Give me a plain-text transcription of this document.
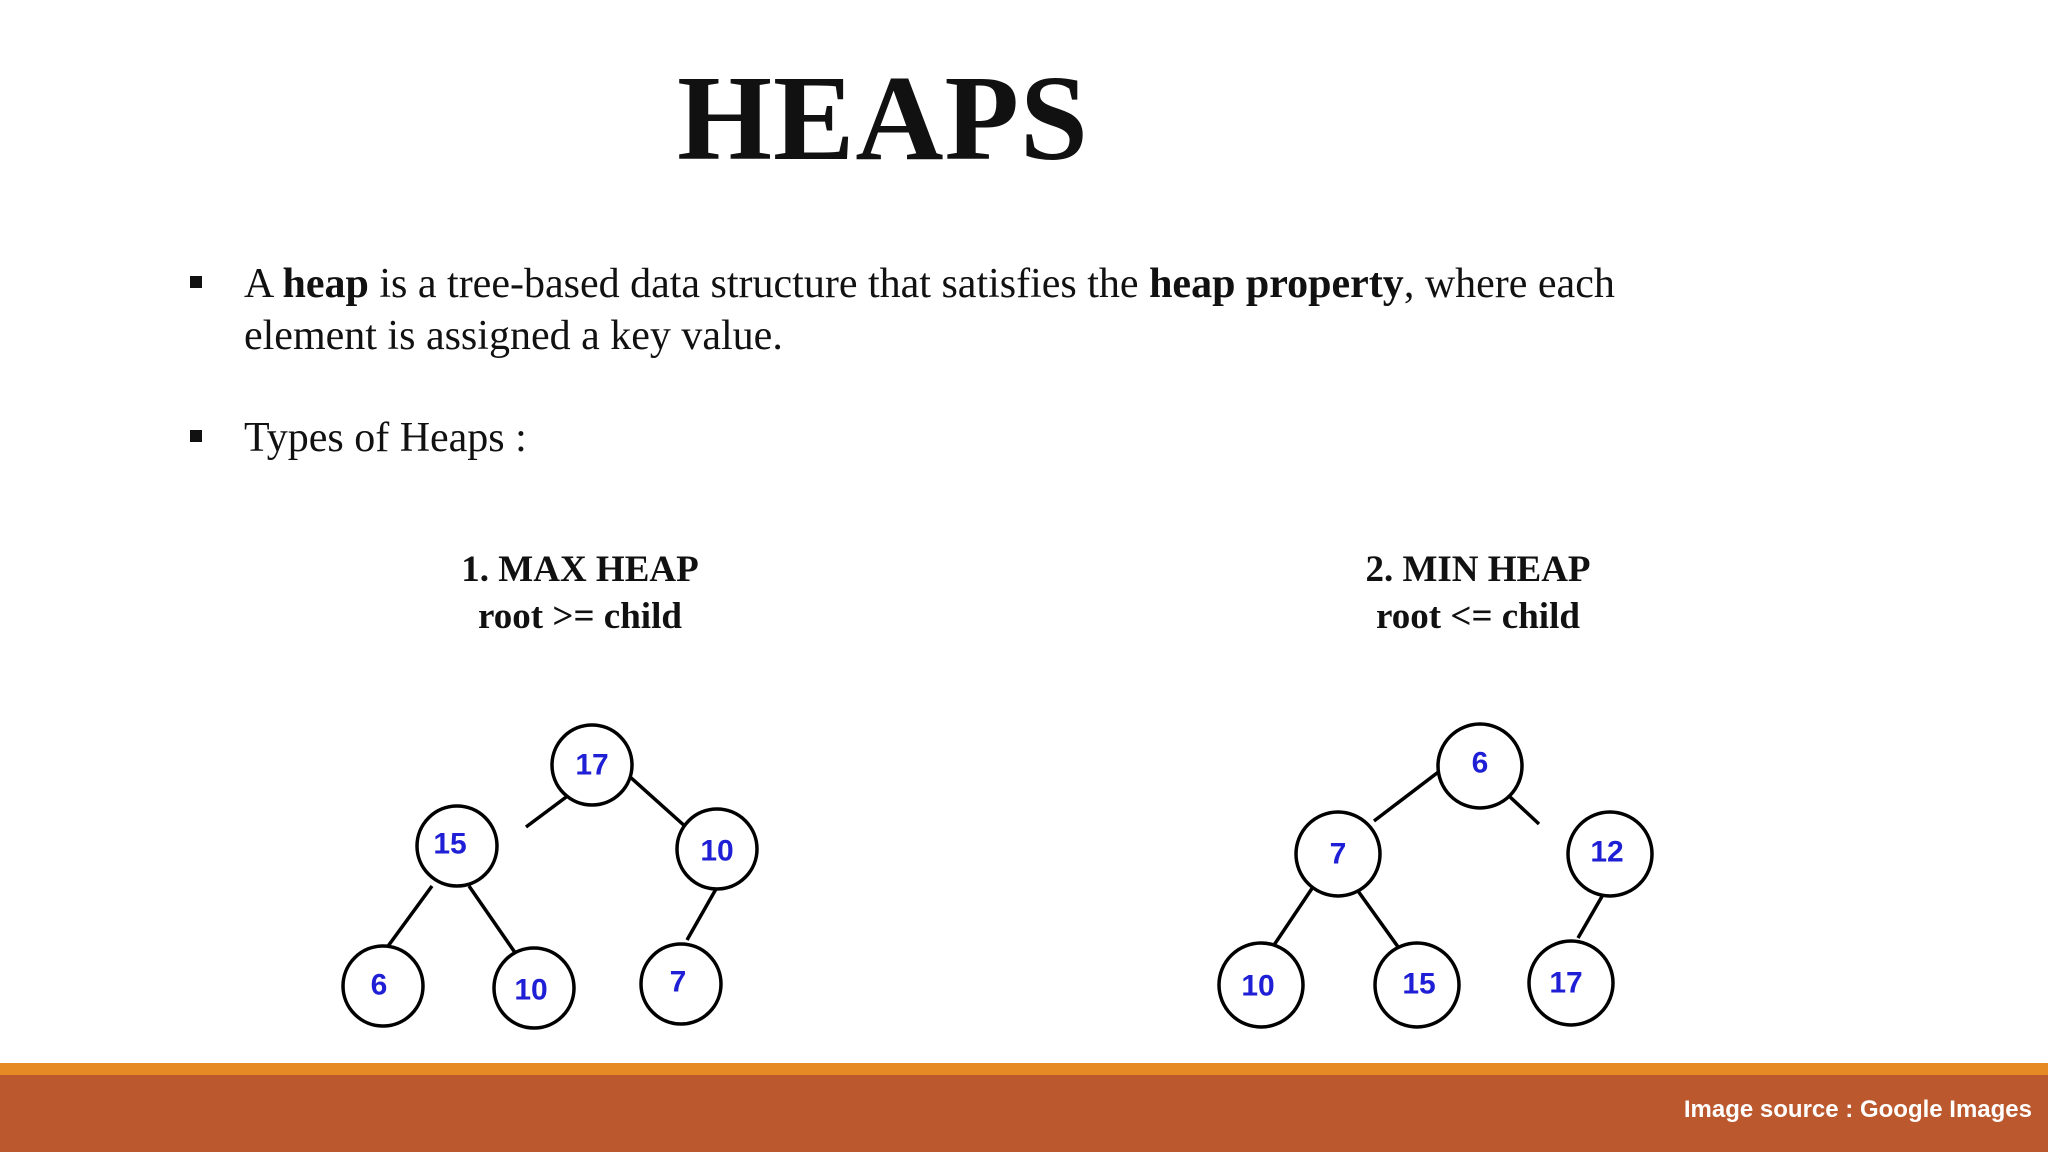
HEAPS
A heap is a tree-based data structure that satisfies the heap property, where each element is assigned a key value.
Types of Heaps :
1. MAX HEAP
root >= child
17
15	10
6	10	7
2. MIN HEAP
root <= child
6
7	12
10	15	17
Image source : Google Images
